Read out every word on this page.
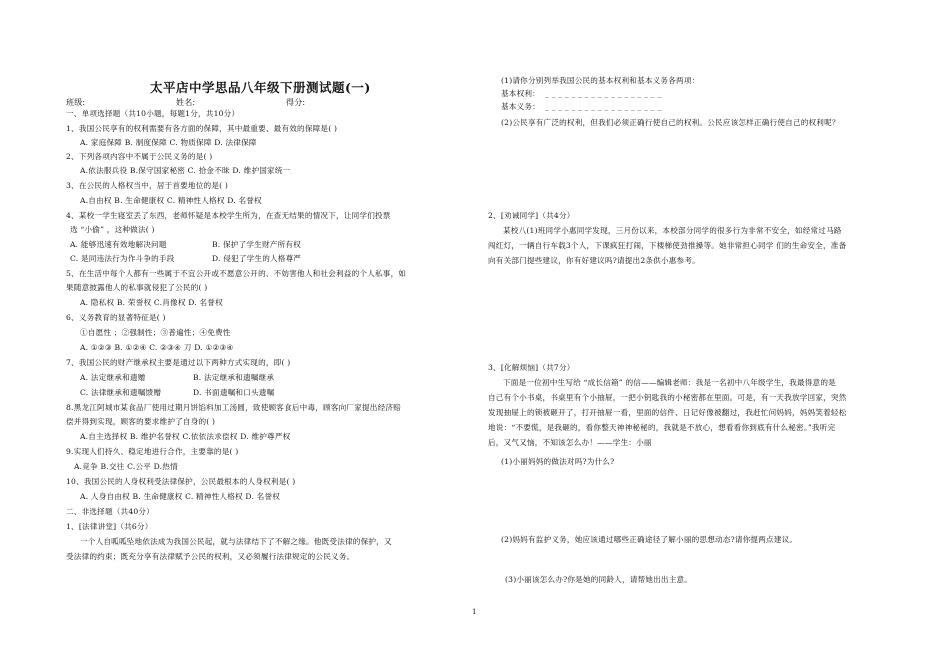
太平店中学思品八年级下册测试题(一)
班级:	姓名:	得分:
一、单项选择题（共10小题，每题1分，共10分）
1、我国公民享有的权利需要有各方面的保障，其中最重要、最有效的保障是( )
A. 家庭保障 B. 制度保障 C. 物质保障 D. 法律保障
2、下列各项内容中不属于公民义务的是( )
A.依法服兵役 B.保守国家秘密 C. 拾金不昧 D. 维护国家统一
3、在公民的人格权当中，居于首要地位的是( )
A.自由权 B. 生命健康权 C. 精神性人格权 D. 名誉权
4、某校一学生寝室丢了东西，老师怀疑是本校学生所为，在查无结果的情况下，让同学们投票
选 “小偷” ，这种做法( )
A. 能够迅速有效地解决问题	B. 保护了学生财产所有权
C. 是同违法行为作斗争的手段	D. 侵犯了学生的人格尊严
5、在生活中每个人都有一些属于不宜公开或不愿意公开的、不妨害他人和社会利益的个人私事，如
果随意披露他人的私事就侵犯了公民的( )
A. 隐私权 B. 荣誉权 C.肖像权 D. 名誉权
6、义务教育的显著特征是( )
①自愿性 ；②强制性；③普遍性；④免费性
A. ①②③ B. ①②④ C. ②③④ 刀 D. ①②③④
7、我国公民的财产继承权主要是通过以下两种方式实现的，即( )
A. 法定继承和遗赠	B. 法定继承和遗嘱继承
C. 法律继承和遗嘱馈赠	D. 书面遗嘱和口头遗嘱
8.黑龙江阿城市某食品厂使用过期月饼馅料加工汤圆，致使顾客食后中毒，顾客向厂家提出经济赔
偿并得到实现，顾客的要求维护了自身的( )
A.自主选择权 B. 维护名誉权 C.依依法求偿权 D. 维护尊严权
9.实现人们持久、稳定地进行合作，主要靠的是( )
A.竞争 B.交往 C.公平 D.热情
10、我国公民的人身权利受法律保护，公民最根本的人身权利是( )
A. 人身自由权 B. 生命健康权 C. 精神性人格权 D. 名誉权
二、非选择题（共40分）
1、[法律讲堂]（共6分）
一个人自呱呱坠地依法成为我国公民起，就与法律结下了不解之缘。他既受法律的保护，又
受法律的约束；既充分享有法律赋予公民的权利，又必须履行法律规定的公民义务。
(1)请你分别列举我国公民的基本权利和基本义务各两项：
基本权利： _ _ _ _ _ _ _ _ _ _ _ _ _ _ _ _ _ _
基本义务： _ _ _ _ _ _ _ _ _ _ _ _ _ _ _ _ _ _
(2)公民享有广泛的权利，但我们必须正确行使自己的权利。公民应该怎样正确行使自己的权利呢？
2、[劝诫同学]（共4分）
某校八(1)班同学小惠同学发现，三月份以来，本校部分同学的很多行为非常不安全，如经常过马路
闯红灯，一辆自行车载3个人，下课疯狂打闹，下楼梯使劲推搡等。她非常担心同学 们的生命安全，准备
向有关部门提些建议，你有好建议吗?请提出2条供小惠参考。
3、[化解烦恼]（共7分）
下面是一位初中生写给 “成长信箱” 的信——编辑老师：我是一名初中八年级学生，我最得意的是
自己有个小书桌，书桌里有个小抽屉，一把小钥匙我的小秘密都在里面。可是，有一天我放学回家，突然
发现抽屉上的锁被砸开了，打开抽屉一看，里面的信件、日记好像被翻过，我赶忙问妈妈，妈妈笑着轻松
地说：“不要慌，是我砸的，看你整天神神秘秘的，我就是不放心，想看看你到底有什么秘密。”我听完
后，又气又恼，不知该怎么办！——学生：小丽
(1)小丽妈妈的做法对吗?为什么?
(2)妈妈有监护义务，她应该通过哪些正确途径了解小丽的思想动态?请你提两点建议。
(3)小丽该怎么办?你是她的同龄人，请帮她出出主意。
1
